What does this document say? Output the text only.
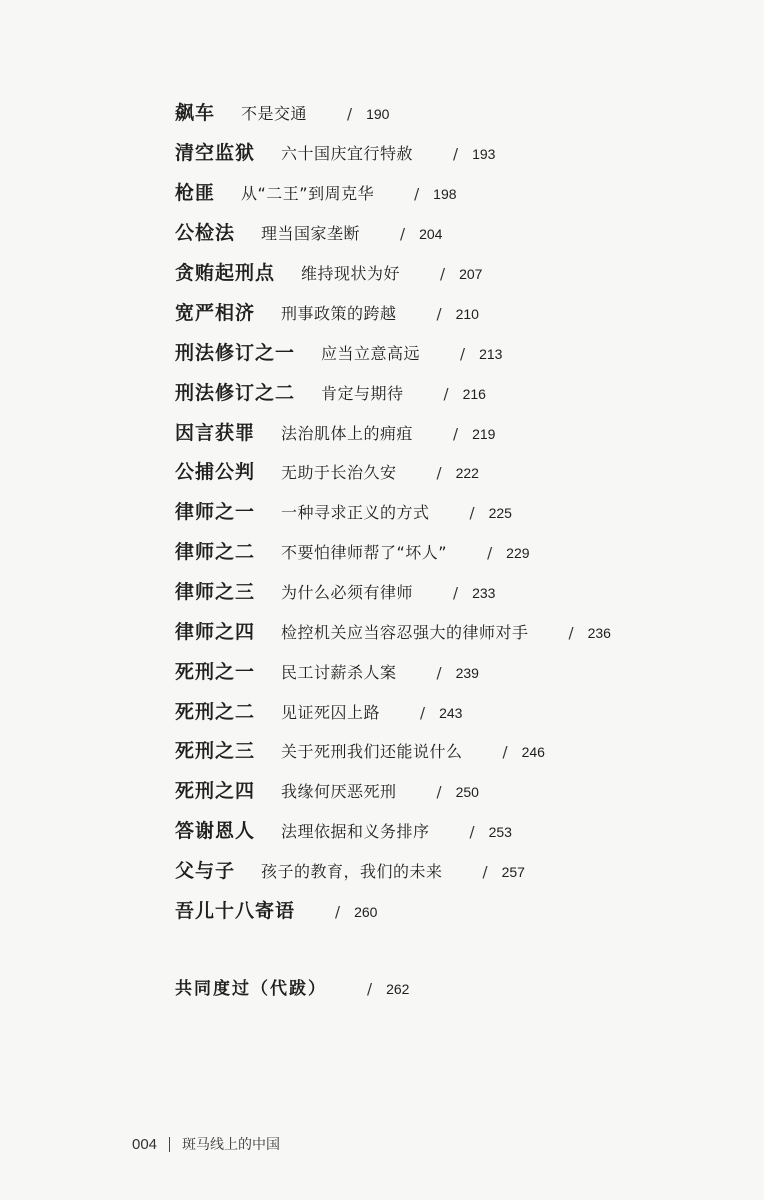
飙车 不是交通	/ 190
清空监狱 六十国庆宜行特赦	/ 193
枪匪 从“二王”到周克华	/ 198
公检法 理当国家垄断	/ 204
贪贿起刑点 维持现状为好	/ 207
宽严相济 刑事政策的跨越	/ 210
刑法修订之一 应当立意高远	/ 213
刑法修订之二 肯定与期待	/ 216
因言获罪 法治肌体上的痈疽	/ 219
公捕公判 无助于长治久安	/ 222
律师之一 一种寻求正义的方式	/ 225
律师之二 不要怕律师帮了“坏人”	/ 229
律师之三 为什么必须有律师	/ 233
律师之四 检控机关应当容忍强大的律师对手	/ 236
死刑之一 民工讨薪杀人案	/ 239
死刑之二 见证死囚上路	/ 243
死刑之三 关于死刑我们还能说什么	/ 246
死刑之四 我缘何厌恶死刑	/ 250
答谢恩人 法理依据和义务排序	/ 253
父与子 孩子的教育，我们的未来	/ 257
吾儿十八寄语	/ 260
共同度过（代跋）	/ 262
004 斑马线上的中国
